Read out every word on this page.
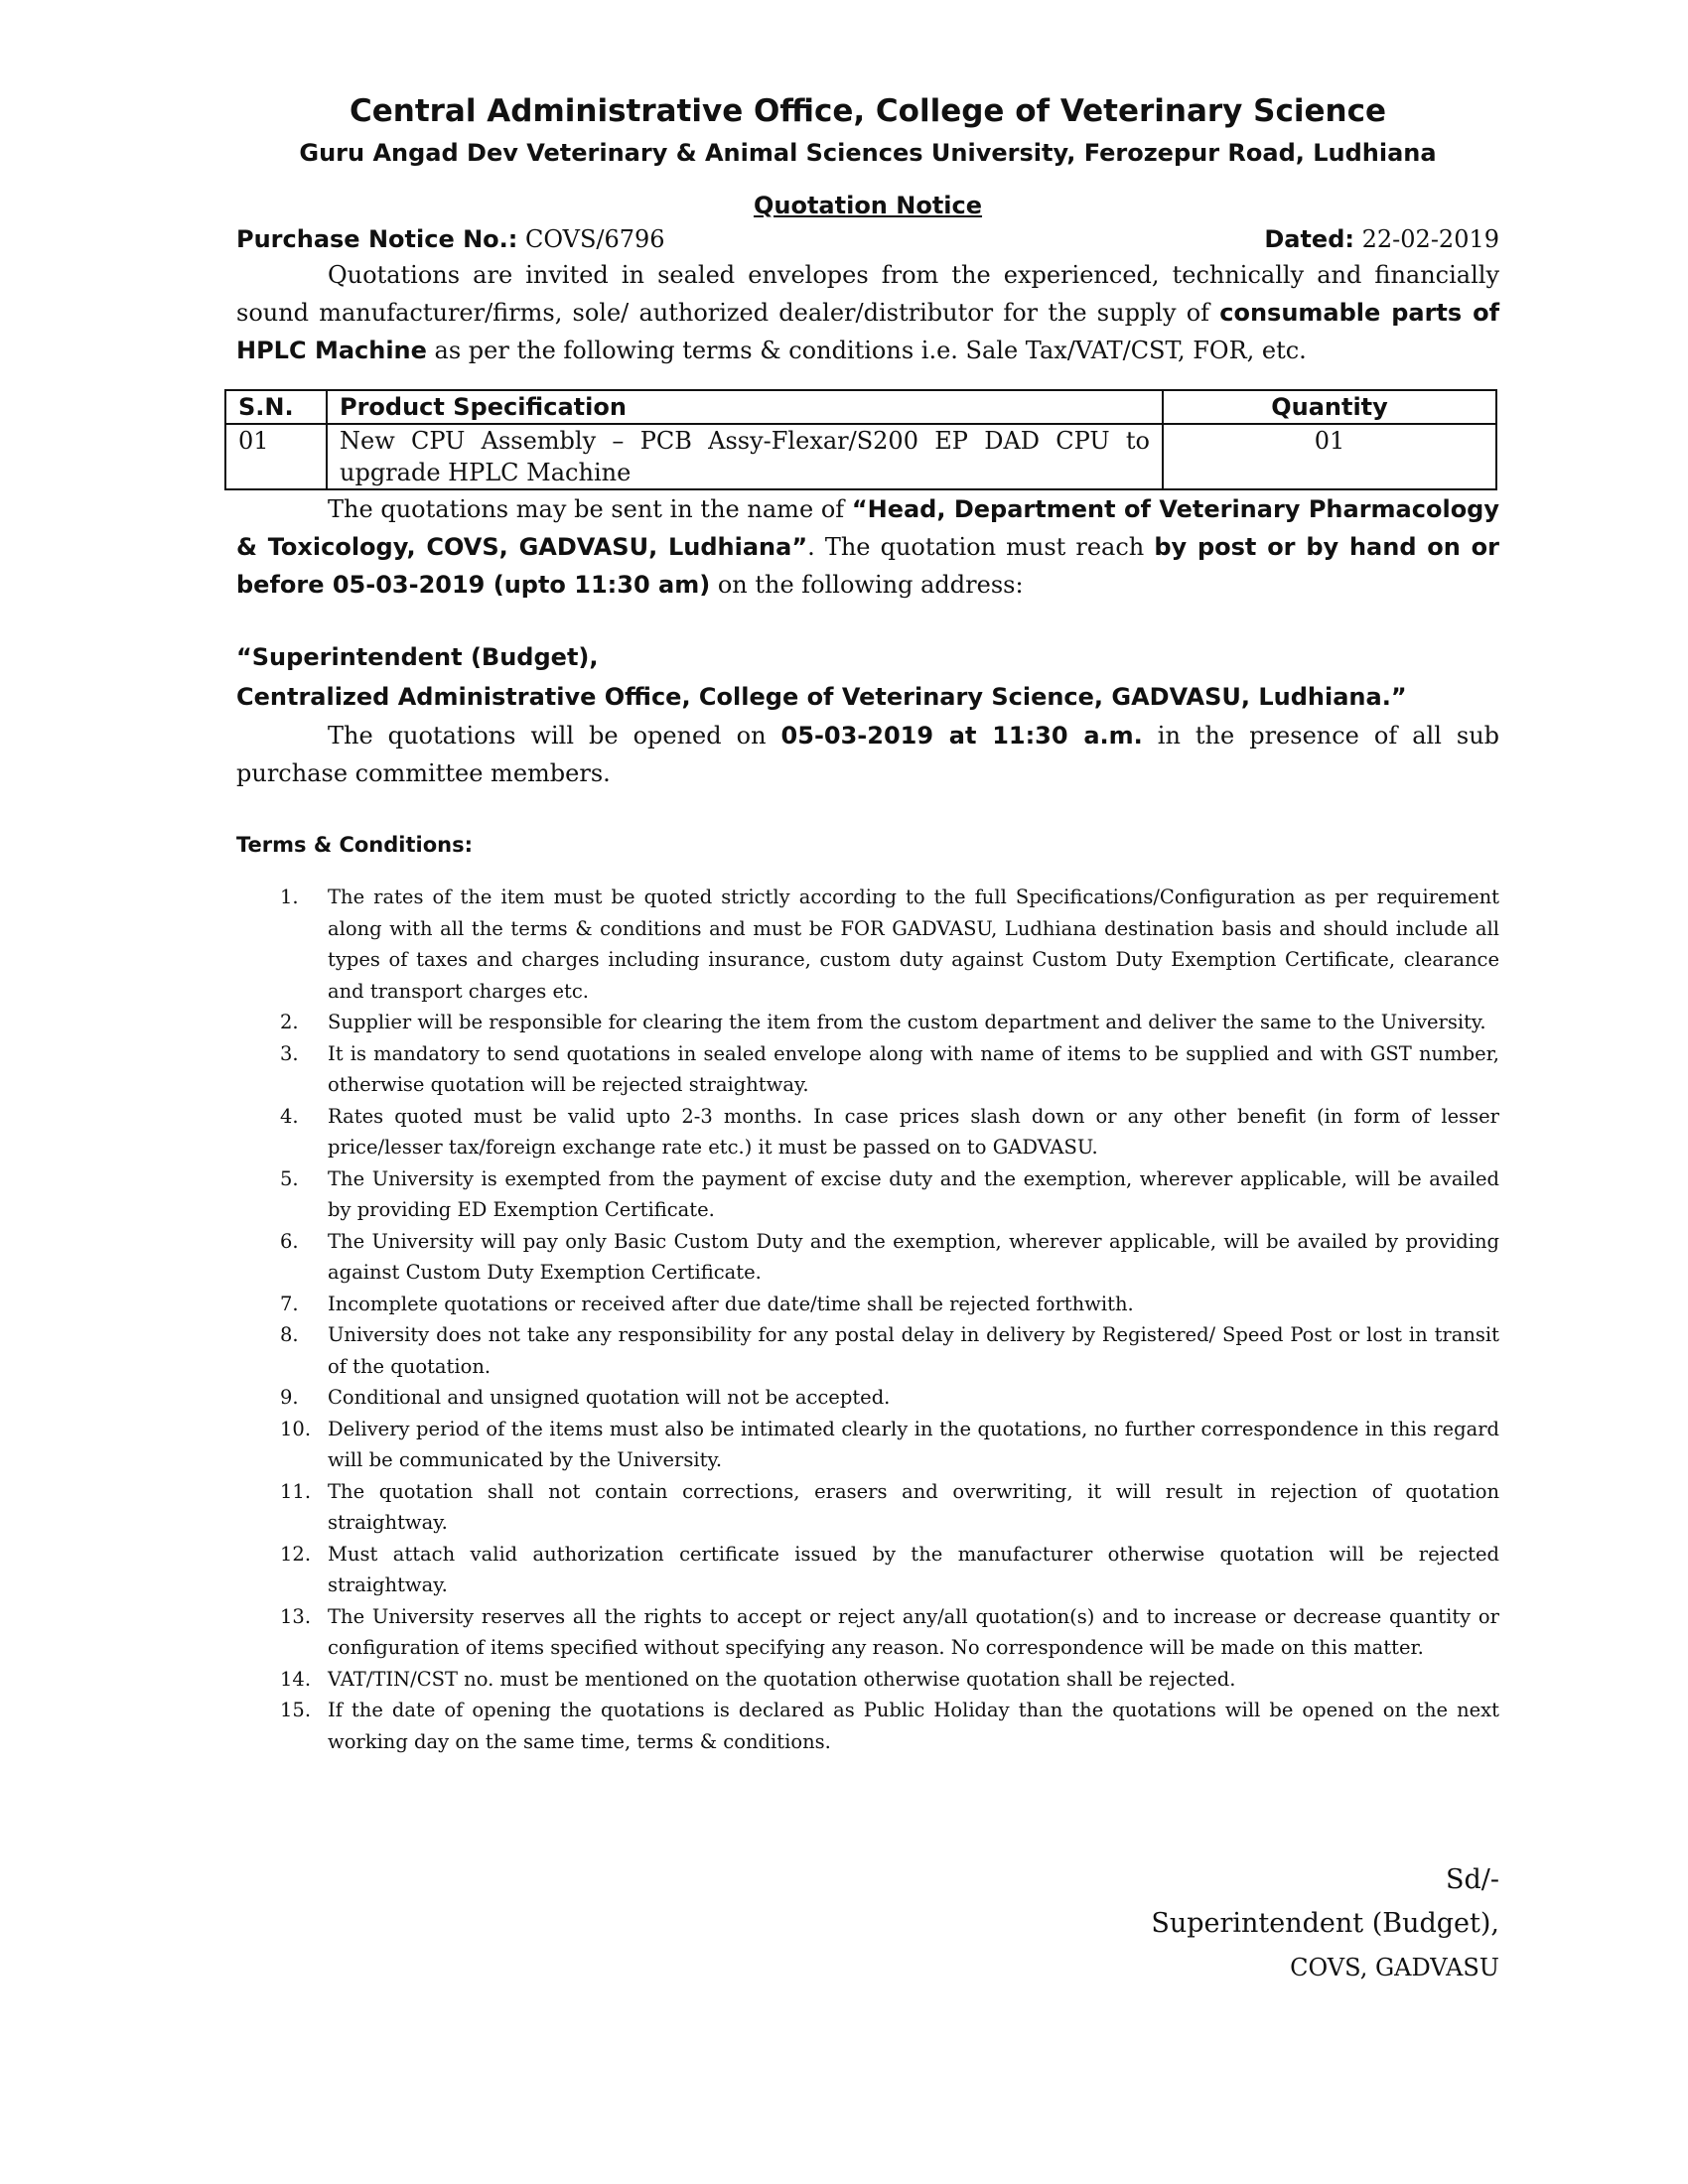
Central Administrative Office, College of Veterinary Science
Guru Angad Dev Veterinary & Animal Sciences University, Ferozepur Road, Ludhiana
Quotation Notice
Purchase Notice No.: COVS/6796	Dated: 22-02-2019

Quotations are invited in sealed envelopes from the experienced, technically and financially sound manufacturer/firms, sole/ authorized dealer/distributor for the supply of consumable parts of HPLC Machine as per the following terms & conditions i.e. Sale Tax/VAT/CST, FOR, etc.

S.N.	Product Specification	Quantity
01	New CPU Assembly – PCB Assy-Flexar/S200 EP DAD CPU to upgrade HPLC Machine	01

The quotations may be sent in the name of “Head, Department of Veterinary Pharmacology & Toxicology, COVS, GADVASU, Ludhiana”. The quotation must reach by post or by hand on or before 05-03-2019 (upto 11:30 am) on the following address:

“Superintendent (Budget),
Centralized Administrative Office, College of Veterinary Science, GADVASU, Ludhiana.”

The quotations will be opened on 05-03-2019 at 11:30 a.m. in the presence of all sub purchase committee members.

Terms & Conditions:
1.	The rates of the item must be quoted strictly according to the full Specifications/Configuration as per requirement along with all the terms & conditions and must be FOR GADVASU, Ludhiana destination basis and should include all types of taxes and charges including insurance, custom duty against Custom Duty Exemption Certificate, clearance and transport charges etc.
2.	Supplier will be responsible for clearing the item from the custom department and deliver the same to the University.
3.	It is mandatory to send quotations in sealed envelope along with name of items to be supplied and with GST number, otherwise quotation will be rejected straightway.
4.	Rates quoted must be valid upto 2-3 months. In case prices slash down or any other benefit (in form of lesser price/lesser tax/foreign exchange rate etc.) it must be passed on to GADVASU.
5.	The University is exempted from the payment of excise duty and the exemption, wherever applicable, will be availed by providing ED Exemption Certificate.
6.	The University will pay only Basic Custom Duty and the exemption, wherever applicable, will be availed by providing against Custom Duty Exemption Certificate.
7.	Incomplete quotations or received after due date/time shall be rejected forthwith.
8.	University does not take any responsibility for any postal delay in delivery by Registered/ Speed Post or lost in transit of the quotation.
9.	Conditional and unsigned quotation will not be accepted.
10. Delivery period of the items must also be intimated clearly in the quotations, no further correspondence in this regard will be communicated by the University.
11. The quotation shall not contain corrections, erasers and overwriting, it will result in rejection of quotation straightway.
12. Must attach valid authorization certificate issued by the manufacturer otherwise quotation will be rejected straightway.
13. The University reserves all the rights to accept or reject any/all quotation(s) and to increase or decrease quantity or configuration of items specified without specifying any reason. No correspondence will be made on this matter.
14. VAT/TIN/CST no. must be mentioned on the quotation otherwise quotation shall be rejected.
15. If the date of opening the quotations is declared as Public Holiday than the quotations will be opened on the next working day on the same time, terms & conditions.
Sd/-
Superintendent (Budget),
COVS, GADVASU
